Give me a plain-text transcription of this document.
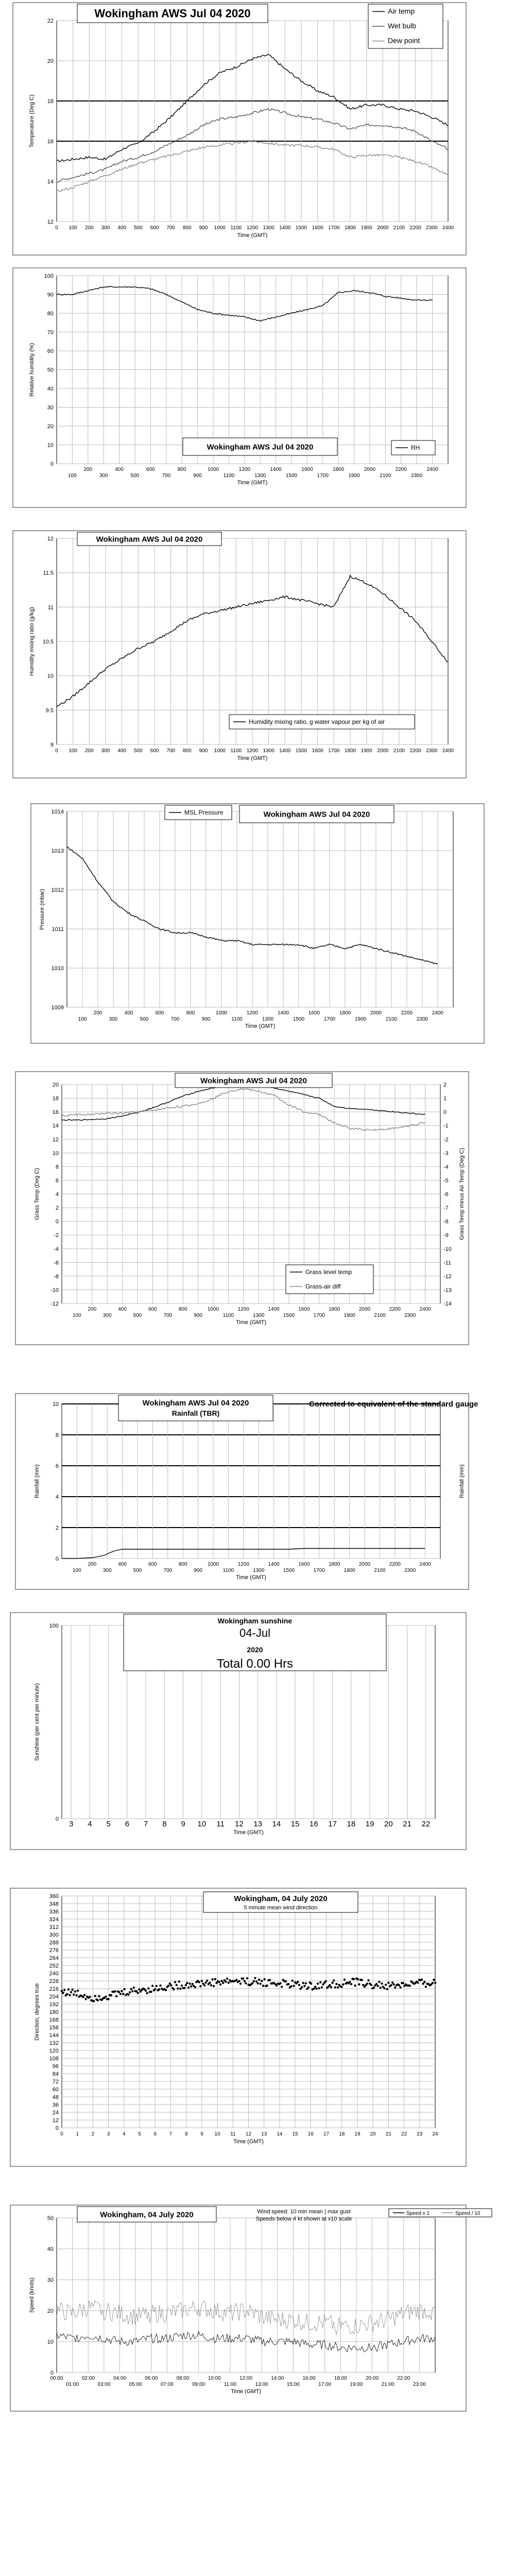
12
14
16
18
20
22
0 100 200 300 400 500 600 700 800 900 1000 1100 1200 1300 1400 1500 1600 1700 1800 1900 2000 2100 2200 2300 2400
Time (GMT)
Temperature (Deg C)
Wokingham AWS Jul 04 2020	Air temp
Wet bulb
Dew point
0
10
20
30
40
50
60
70
80
90
100
200	400	600	800	1000	1200	1400	1600	1800	2000	2200	2400
100	300	500	700	900	1100	1300	1500	1700	1900	2100	2300
Time (GMT)
Relative humidity (%)
Wokingham AWS Jul 04 2020	RH
9
9.5
10
10.5
11
11.5
12
0 100 200 300 400 500 600 700 800 900 1000 1100 1200 1300 1400 1500 1600 1700 1800 1900 2000 2100 2200 2300 2400
Time (GMT)
Humidity mixing ratio (g/kg)
Wokingham AWS Jul 04 2020
Humidity mixing ratio, g water vapour per kg of air
1009
1010
1011
1012
1013
1014
200	400	600	800	1000	1200	1400	1600	1800	2000	2200	2400
100	300	500	700	900	1100	1300	1500	1700	1900	2100	2300
Time (GMT)
Pressure (mbar)
Wokingham AWS Jul 04 2020
MSL Pressure
-12
-10
-8
-6
-4
-2
0
2
4
6
8
10
12
14
16
18
20
200	400	600	800	1000	1200	1400	1600	1800	2000	2200	2400
100	300	500	700	900	1100	1300	1500	1700	1900	2100	2300
-14
-13
-12
-11
-10
-9
-8
-7
-6
-5
-4
-3
-2
-1
0
1
2
Time (GMT)
Grass Temp (Deg C)	Grass Temp minus Air Temp (Deg C)
Wokingham AWS Jul 04 2020
Grass level temp
Grass-air diff
0
2
4
6
8
10
200	400	600	800	1000	1200	1400	1600	1800	2000	2200	2400
100	300	500	700	900	1100	1300	1500	1700	1900	2100	2300
Time (GMT)
Rainfall (mm)	Rainfall (mm)
Wokingham AWS Jul 04 2020
Rainfall (TBR)
Corrected to equivalent of the standard gauge
0
100
3 4 5 6 7 8 9 10 11 12 13 14 15 16 17 18 19 20 21 22
Time (GMT)
Sunshine (per cent per minute)
Wokingham sunshine
04-Jul
2020
Total 0.00 Hrs
0
12
24
36
48
60
72
84
96
108
120
132
144
156
168
180
192
204
216
228
240
252
264
276
288
300
312
324
336
348
360
0 1 2 3 4 5 6 7 8 9 10 11 12 13 14 15 16 17 18 19 20 21 22 23 24
Time (GMT)
Direction, degrees true
Wokingham, 04 July 2020
5 minute mean wind direction
0
10
20
30
40
50
00:00	02:00	04:00	06:00	08:00	10:00	12:00	14:00	16:00	18:00	20:00	22:00
01:00	03:00	05:00	07:00	09:00	11:00	13:00	15:00	17:00	19:00	21:00	23:00
Time (GMT)
Speed (knots)
Wokingham, 04 July 2020	Wind speed: 10 min mean | max gust
Speeds below 4 kt shown at x10 scale
Speed x 1	Speed / 10
